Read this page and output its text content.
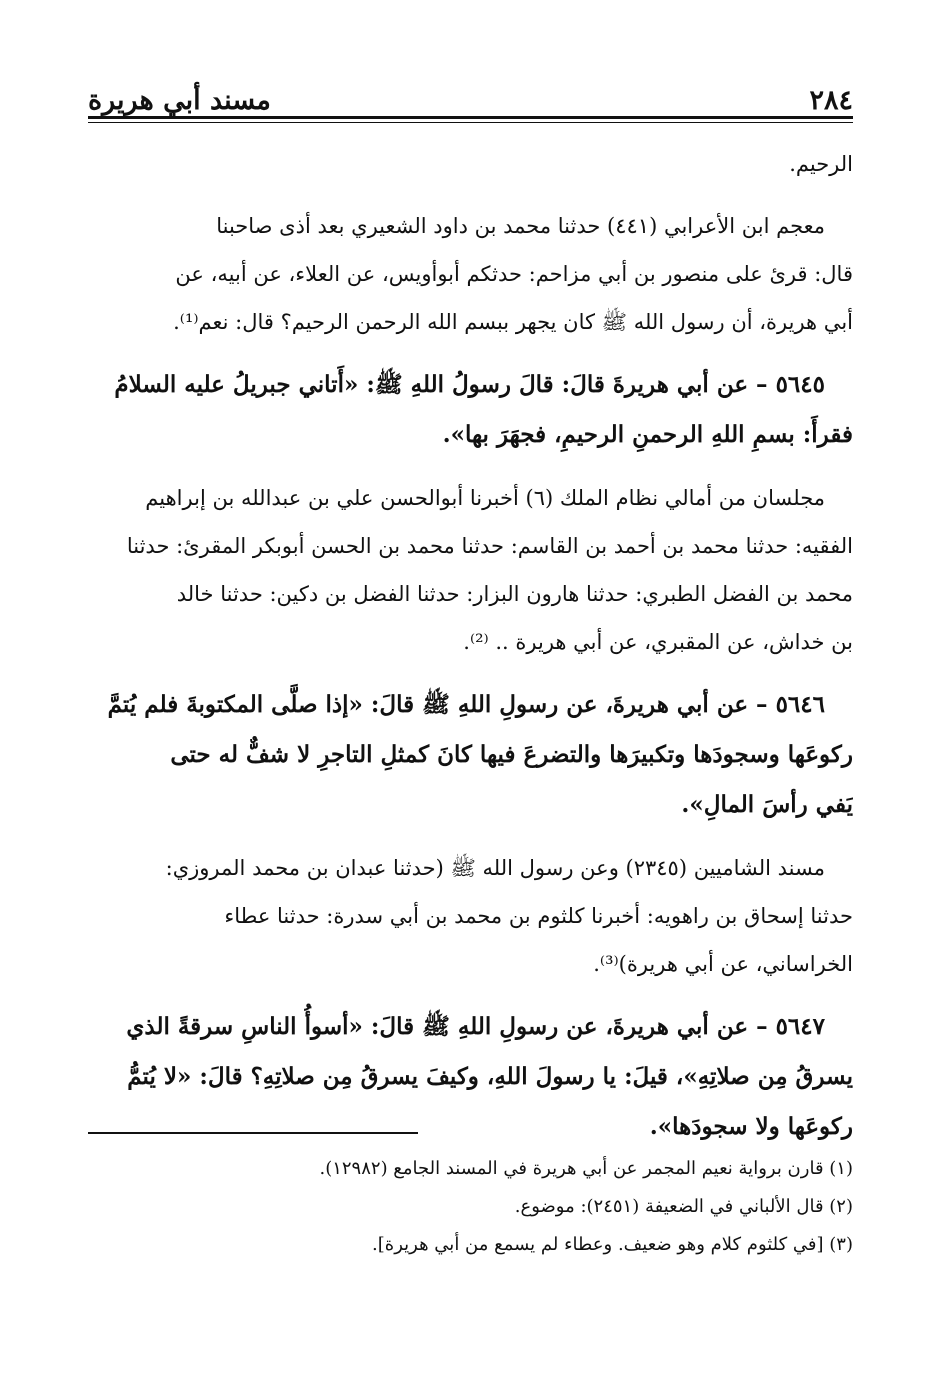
٢٨٤
مسند أبي هريرة
الرحيم.
معجم ابن الأعرابي (٤٤١) حدثنا محمد بن داود الشعيري بعد أذى صاحبنا
قال: قرئ على منصور بن أبي مزاحم: حدثكم أبوأويس، عن العلاء، عن أبيه، عن
أبي هريرة، أن رسول الله ﷺ كان يجهر ببسم الله الرحمن الرحيم؟ قال: نعم⁽¹⁾.
٥٦٤٥ – عن أبي هريرةَ قالَ: قالَ رسولُ اللهِ ﷺ: «أَتاني جبريلُ عليه السلامُ
فقرأَ: بسمِ اللهِ الرحمنِ الرحيمِ، فجهَرَ بها».
مجلسان من أمالي نظام الملك (٦) أخبرنا أبوالحسن علي بن عبدالله بن إبراهيم
الفقيه: حدثنا محمد بن أحمد بن القاسم: حدثنا محمد بن الحسن أبوبكر المقرئ: حدثنا
محمد بن الفضل الطبري: حدثنا هارون البزار: حدثنا الفضل بن دكين: حدثنا خالد
بن خداش، عن المقبري، عن أبي هريرة .. ⁽²⁾.
٥٦٤٦ – عن أبي هريرةَ، عن رسولِ اللهِ ﷺ قالَ: «إذا صلَّى المكتوبةَ فلم يُتمَّ
ركوعَها وسجودَها وتكبيرَها والتضرعَ فيها كانَ كمثلِ التاجرِ لا شفٌّ له حتى
يَفي رأسَ المالِ».
مسند الشاميين (٢٣٤٥) وعن رسول الله ﷺ (حدثنا عبدان بن محمد المروزي:
حدثنا إسحاق بن راهويه: أخبرنا كلثوم بن محمد بن أبي سدرة: حدثنا عطاء
الخراساني، عن أبي هريرة)⁽³⁾.
٥٦٤٧ – عن أبي هريرةَ، عن رسولِ اللهِ ﷺ قالَ: «أسوأُ الناسِ سرقةً الذي
يسرقُ مِن صلاتِهِ»، قيلَ: يا رسولَ اللهِ، وكيفَ يسرقُ مِن صلاتِهِ؟ قالَ: «لا يُتمُّ
ركوعَها ولا سجودَها».
(١) قارن برواية نعيم المجمر عن أبي هريرة في المسند الجامع (١٢٩٨٢).
(٢) قال الألباني في الضعيفة (٢٤٥١): موضوع.
(٣) [في كلثوم كلام وهو ضعيف. وعطاء لم يسمع من أبي هريرة].
